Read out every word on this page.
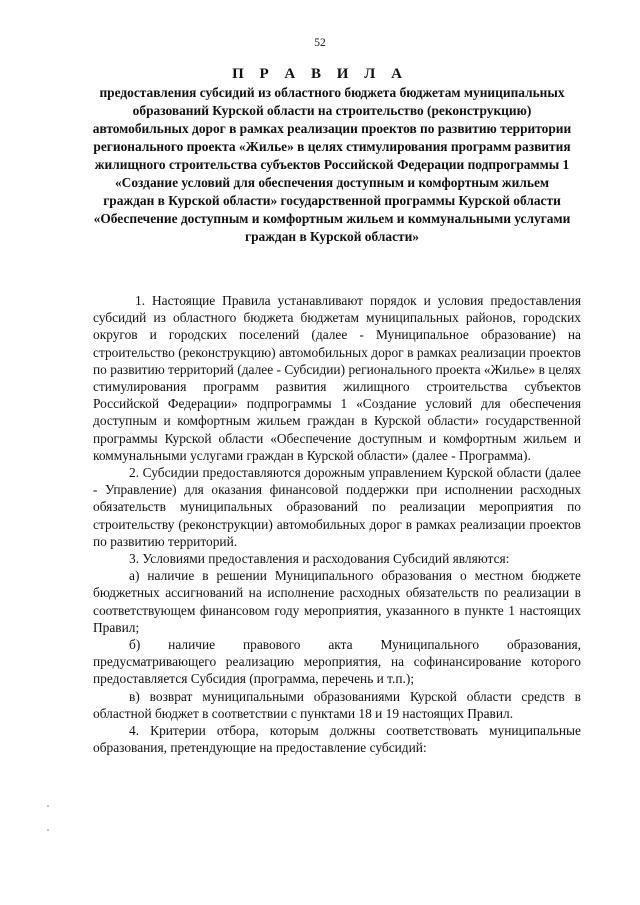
52
П Р А В И Л А

предоставления субсидий из областного бюджета бюджетам муниципальных образований Курской области на строительство (реконструкцию) автомобильных дорог в рамках реализации проектов по развитию территории регионального проекта «Жилье» в целях стимулирования программ развития жилищного строительства субъектов Российской Федерации подпрограммы 1 «Создание условий для обеспечения доступным и комфортным жильем граждан в Курской области» государственной программы Курской области «Обеспечение доступным и комфортным жильем и коммунальными услугами граждан в Курской области»

1. Настоящие Правила устанавливают порядок и условия предоставления субсидий из областного бюджета бюджетам муниципальных районов, городских округов и городских поселений (далее - Муниципальное образование) на строительство (реконструкцию) автомобильных дорог в рамках реализации проектов по развитию территорий (далее - Субсидии) регионального проекта «Жилье» в целях стимулирования программ развития жилищного строительства субъектов Российской Федерации» подпрограммы 1 «Создание условий для обеспечения доступным и комфортным жильем граждан в Курской области» государственной программы Курской области «Обеспечение доступным и комфортным жильем и коммунальными услугами граждан в Курской области» (далее - Программа).

2. Субсидии предоставляются дорожным управлением Курской области (далее - Управление) для оказания финансовой поддержки при исполнении расходных обязательств муниципальных образований по реализации мероприятия по строительству (реконструкции) автомобильных дорог в рамках реализации проектов по развитию территорий.

3. Условиями предоставления и расходования Субсидий являются:

а) наличие в решении Муниципального образования о местном бюджете бюджетных ассигнований на исполнение расходных обязательств по реализации в соответствующем финансовом году мероприятия, указанного в пункте 1 настоящих Правил;

б) наличие правового акта Муниципального образования, предусматривающего реализацию мероприятия, на софинансирование которого предоставляется Субсидия (программа, перечень и т.п.);

в) возврат муниципальными образованиями Курской области средств в областной бюджет в соответствии с пунктами 18 и 19 настоящих Правил.

4. Критерии отбора, которым должны соответствовать муниципальные образования, претендующие на предоставление субсидий:
